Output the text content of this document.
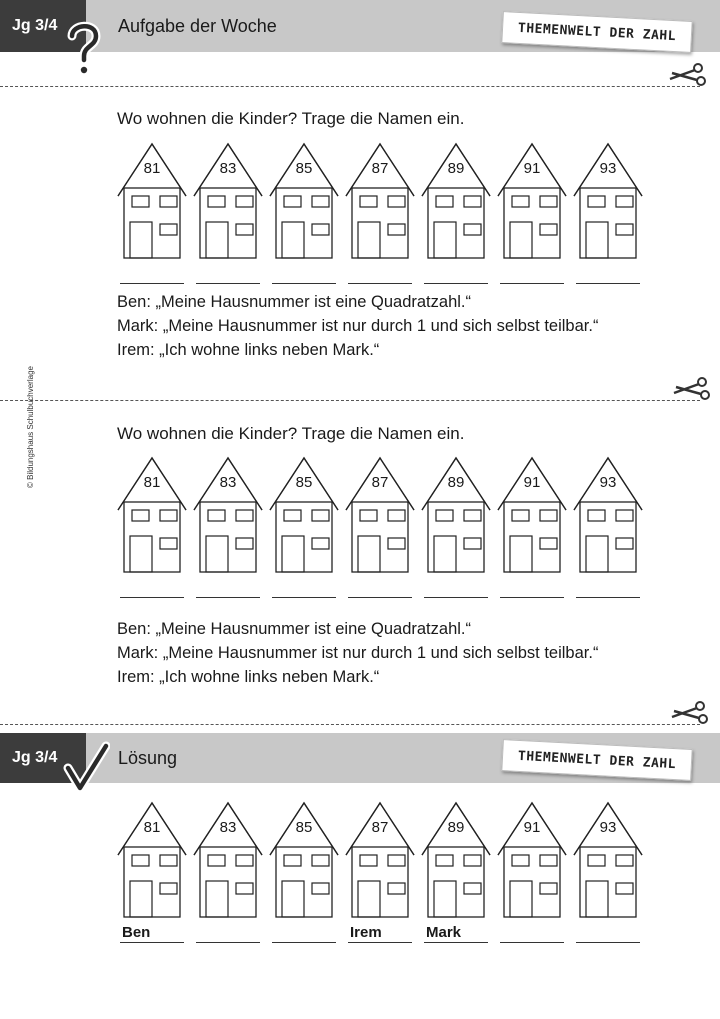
Jg 3/4	Aufgabe der Woche	THEMENWELT DER ZAHL
Wo wohnen die Kinder? Trage die Namen ein.
81	83	85	87	89	91	93
Ben: „Meine Hausnummer ist eine Quadratzahl.“
Mark: „Meine Hausnummer ist nur durch 1 und sich selbst teilbar.“
Irem: „Ich wohne links neben Mark.“
Wo wohnen die Kinder? Trage die Namen ein.
81	83	85	87	89	91	93
Ben: „Meine Hausnummer ist eine Quadratzahl.“
Mark: „Meine Hausnummer ist nur durch 1 und sich selbst teilbar.“
Irem: „Ich wohne links neben Mark.“
Jg 3/4	Lösung	THEMENWELT DER ZAHL
81
Ben
83	85	87
Irem
89
Mark
91	93
© Bildungshaus Schulbuchverlage
